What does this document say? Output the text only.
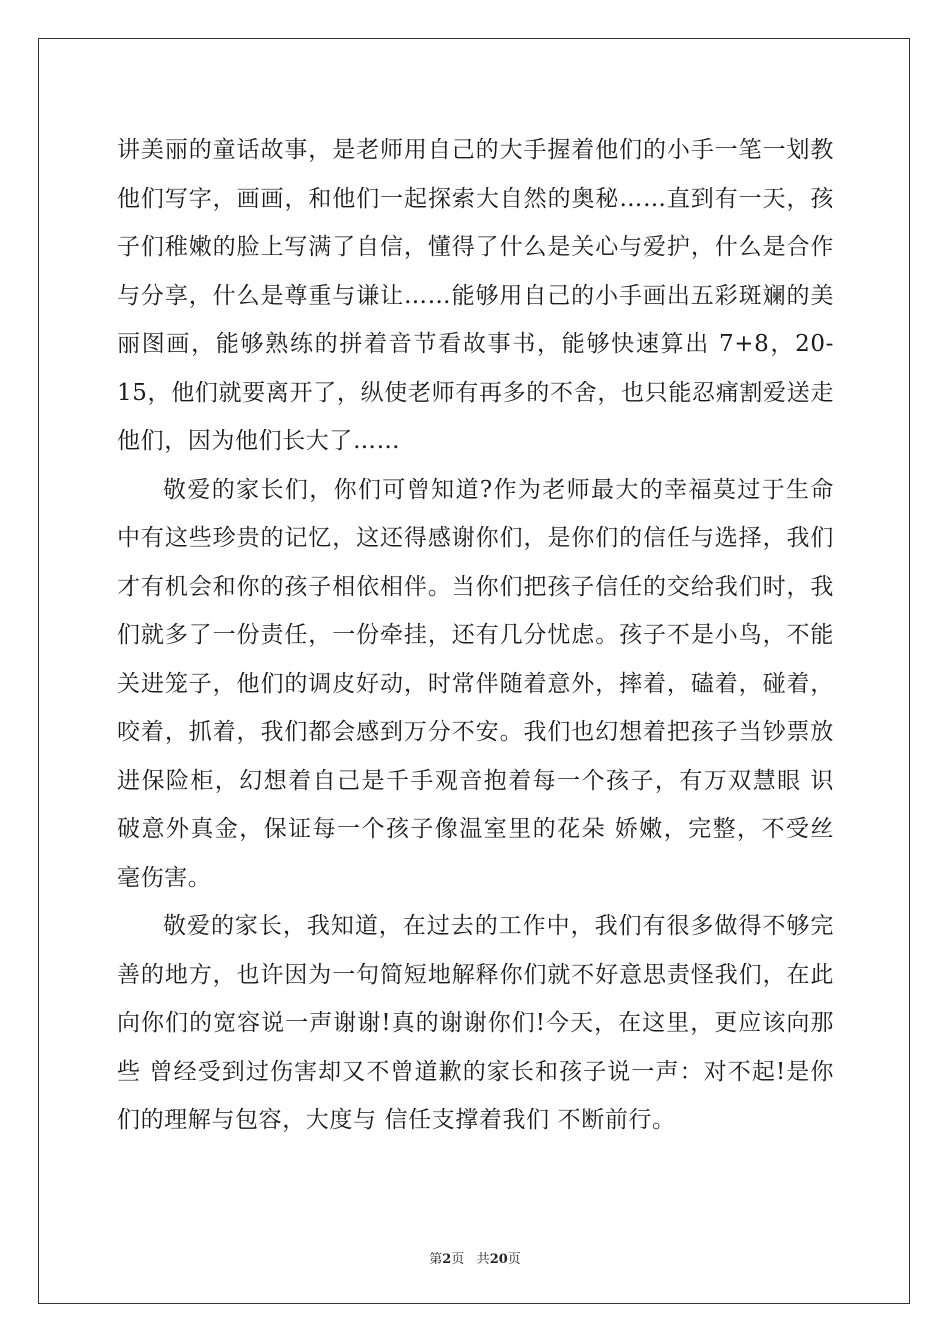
讲美丽的童话故事，是老师用自己的大手握着他们的小手一笔一划教
他们写字，画画，和他们一起探索大自然的奥秘……直到有一天，孩
子们稚嫩的脸上写满了自信，懂得了什么是关心与爱护，什么是合作
与分享，什么是尊重与谦让……能够用自己的小手画出五彩斑斓的美
丽图画，能够熟练的拼着音节看故事书，能够快速算出 7+8，20-
15，他们就要离开了，纵使老师有再多的不舍，也只能忍痛割爱送走
他们，因为他们长大了……
敬爱的家长们，你们可曾知道?作为老师最大的幸福莫过于生命
中有这些珍贵的记忆，这还得感谢你们，是你们的信任与选择，我们
才有机会和你的孩子相依相伴。当你们把孩子信任的交给我们时，我
们就多了一份责任，一份牵挂，还有几分忧虑。孩子不是小鸟，不能
关进笼子，他们的调皮好动，时常伴随着意外，摔着，磕着，碰着，
咬着，抓着，我们都会感到万分不安。我们也幻想着把孩子当钞票放
进保险柜，幻想着自己是千手观音抱着每一个孩子，有万双慧眼 识
破意外真金，保证每一个孩子像温室里的花朵 娇嫩，完整，不受丝
毫伤害。
敬爱的家长，我知道，在过去的工作中，我们有很多做得不够完
善的地方，也许因为一句简短地解释你们就不好意思责怪我们，在此
向你们的宽容说一声谢谢!真的谢谢你们!今天，在这里，更应该向那
些 曾经受到过伤害却又不曾道歉的家长和孩子说一声：对不起!是你
们的理解与包容，大度与 信任支撑着我们 不断前行。
第2页 共20页
